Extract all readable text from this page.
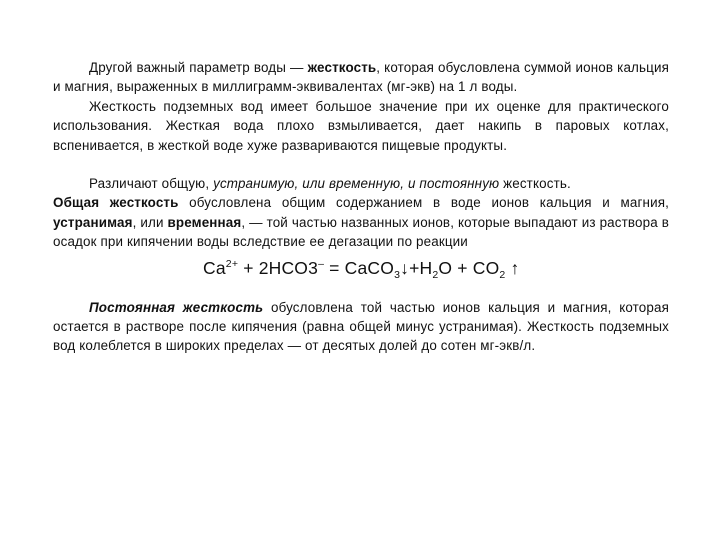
Другой важный параметр воды — жесткость, которая обусловлена суммой ионов кальция и магния, выраженных в миллиграмм-эквивалентах (мг-экв) на 1 л воды.

Жесткость подземных вод имеет большое значение при их оценке для практического использования. Жесткая вода плохо взмыливается, дает накипь в паровых котлах, вспенивается, в жесткой воде хуже развариваются пищевые продукты.

Различают общую, устранимую, или временную, и постоянную жесткость.

Общая жесткость обусловлена общим содержанием в воде ионов кальция и магния, устранимая, или временная, — той частью названных ионов, которые выпадают из раствора в осадок при кипячении воды вследствие ее дегазации по реакции

$Ca^{2+} + 2HCO3^-$ = $CaCO_3↓+H_2O + CO_2$ ↑

Постоянная жесткость обусловлена той частью ионов кальция и магния, которая остается в растворе после кипячения (равна общей минус устранимая). Жесткость подземных вод колеблется в широких пределах — от десятых долей до сотен мг-экв/л.
